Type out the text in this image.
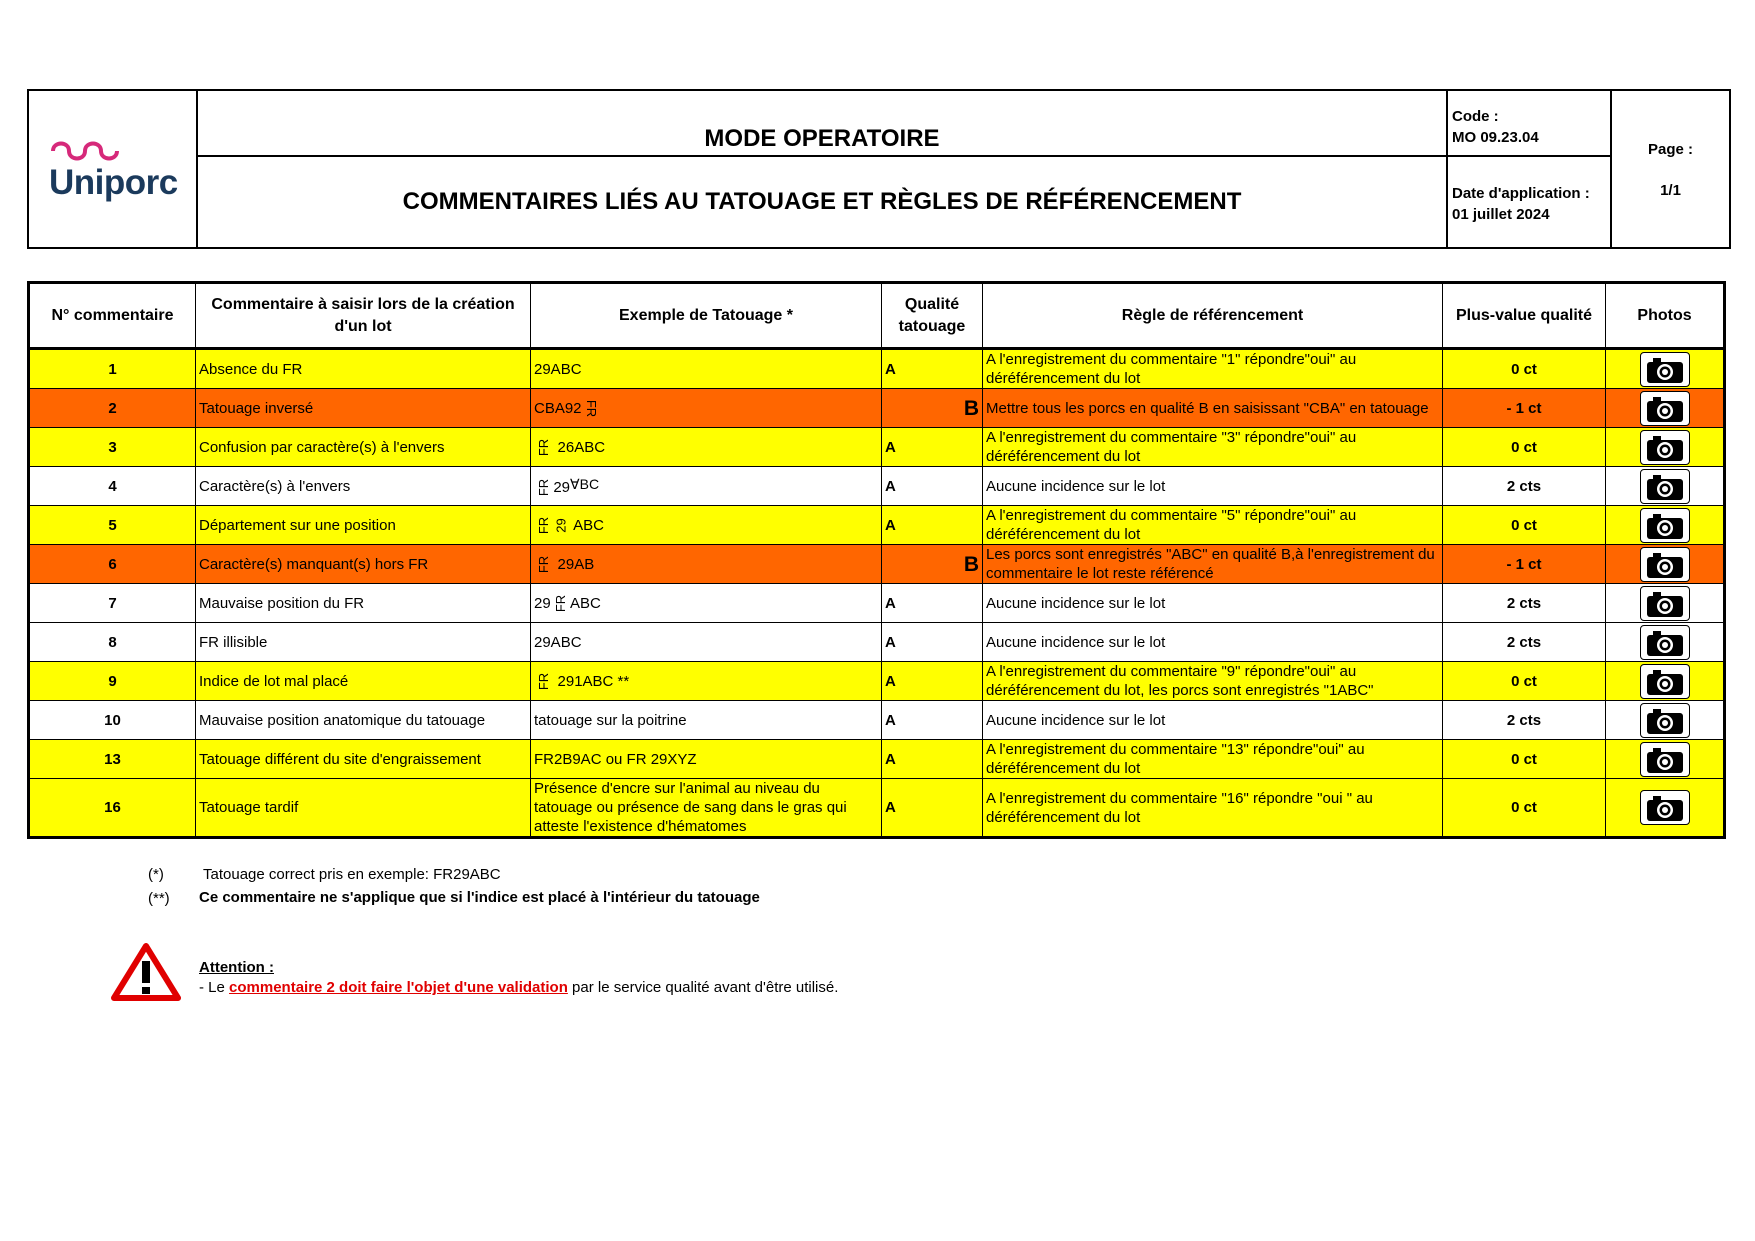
Uniporc
MODE OPERATOIRE
COMMENTAIRES LIÉS AU TATOUAGE ET RÈGLES DE RÉFÉRENCEMENT
Code :
MO 09.23.04
Date d'application :
01 juillet 2024
Page :
1/1
N° commentaire	Commentaire à saisir lors de la création d'un lot	Exemple de Tatouage *	Qualité tatouage	Règle de référencement	Plus-value qualité	Photos
1	Absence du FR	29ABC	A	A l'enregistrement du commentaire "1" répondre"oui" au déréférencement du lot	0 ct	
2	Tatouage inversé	CBA92 FR	B	Mettre tous les porcs en qualité B en saisissant "CBA" en tatouage	- 1 ct	
3	Confusion par caractère(s) à l'envers	FR 26ABC	A	A l'enregistrement du commentaire "3" répondre"oui" au déréférencement du lot	0 ct	
4	Caractère(s) à l'envers	FR 29∀BC	A	Aucune incidence sur le lot	2 cts	
5	Département sur une position	FR 29 ABC	A	A l'enregistrement du commentaire "5" répondre"oui" au déréférencement du lot	0 ct	
6	Caractère(s) manquant(s) hors FR	FR 29AB	B	Les porcs sont enregistrés "ABC" en qualité B,à l'enregistrement du commentaire le lot reste référencé	- 1 ct	
7	Mauvaise position du FR	29 FR ABC	A	Aucune incidence sur le lot	2 cts	
8	FR illisible	29ABC	A	Aucune incidence sur le lot	2 cts	
9	Indice de lot mal placé	FR 291ABC **	A	A l'enregistrement du commentaire "9" répondre"oui" au déréférencement du lot, les porcs sont enregistrés "1ABC"	0 ct	
10	Mauvaise position anatomique du tatouage	tatouage sur la poitrine	A	Aucune incidence sur le lot	2 cts	
13	Tatouage différent du site d'engraissement	FR2B9AC ou FR 29XYZ	A	A l'enregistrement du commentaire "13" répondre"oui" au déréférencement du lot	0 ct	
16	Tatouage tardif	Présence d'encre sur l'animal au niveau du tatouage ou présence de sang dans le gras qui atteste l'existence d'hématomes	A	A l'enregistrement du commentaire "16" répondre "oui " au déréférencement du lot	0 ct	
(*)	Tatouage correct pris en exemple: FR29ABC
(**) Ce commentaire ne s'applique que si l'indice est placé à l'intérieur du tatouage
Attention :
- Le commentaire 2 doit faire l'objet d'une validation par le service qualité avant d'être utilisé.
